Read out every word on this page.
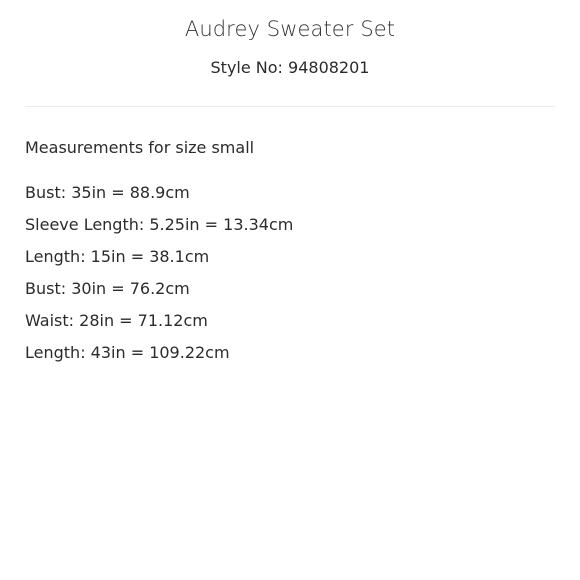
Audrey Sweater Set
Style No: 94808201
Measurements for size small
Bust: 35in = 88.9cm
Sleeve Length: 5.25in = 13.34cm
Length: 15in = 38.1cm
Bust: 30in = 76.2cm
Waist: 28in = 71.12cm
Length: 43in = 109.22cm
